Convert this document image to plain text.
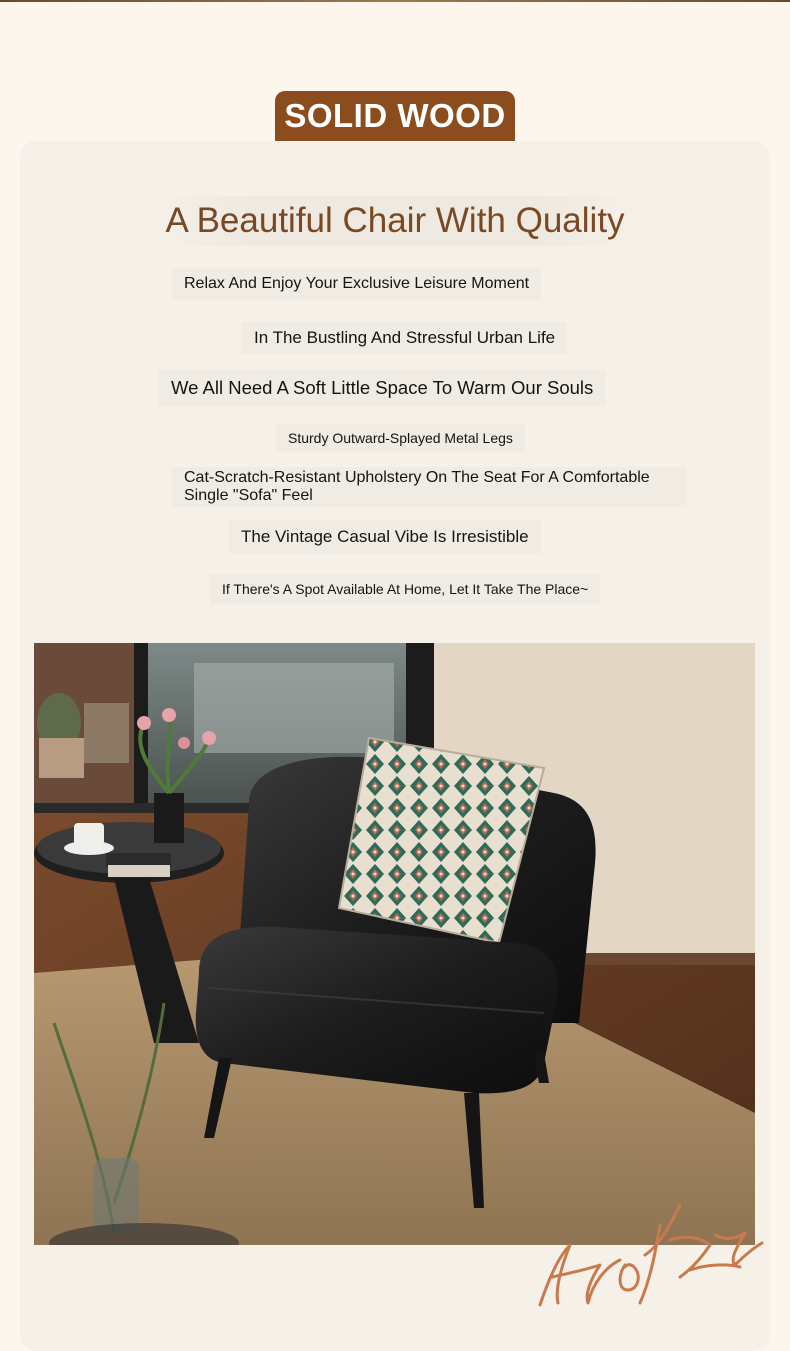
SOLID WOOD
A Beautiful Chair With Quality
Relax And Enjoy Your Exclusive Leisure Moment
In The Bustling And Stressful Urban Life
We All Need A Soft Little Space To Warm Our Souls
Sturdy Outward-Splayed Metal Legs
Cat-Scratch-Resistant Upholstery On The Seat For A Comfortable Single "Sofa" Feel
The Vintage Casual Vibe Is Irresistible
If There's A Spot Available At Home, Let It Take The Place~
